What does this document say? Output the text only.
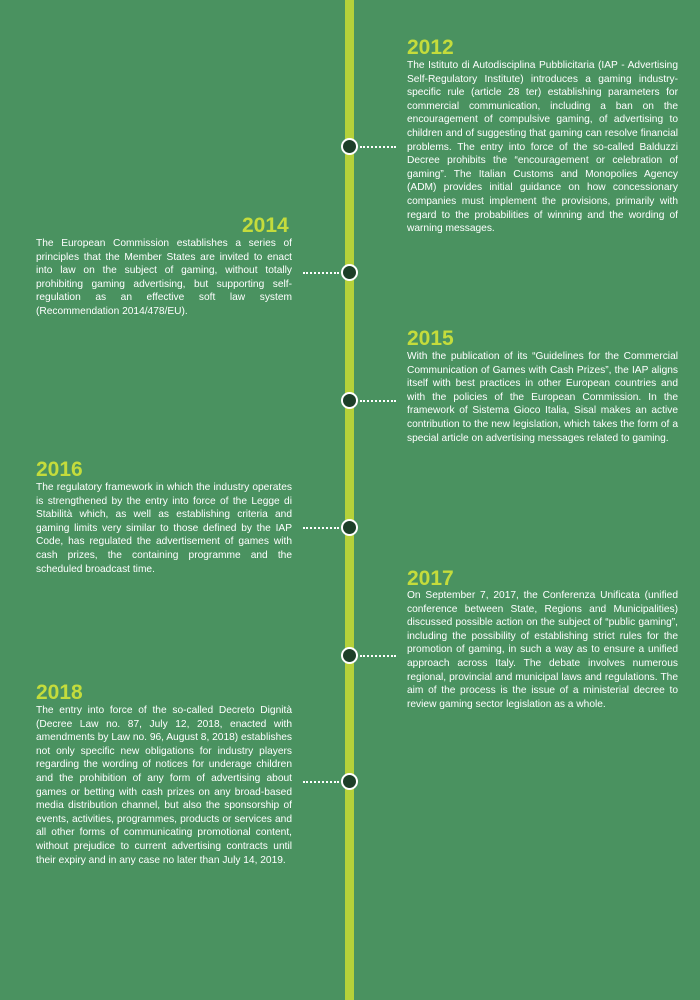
2012

The Istituto di Autodisciplina Pubblicitaria (IAP - Advertising Self-Regulatory Institute) introduces a gaming industry-specific rule (article 28 ter) establishing parameters for commercial communication, including a ban on the encouragement of compulsive gaming, of advertising to children and of suggesting that gaming can resolve financial problems. The entry into force of the so-called Balduzzi Decree prohibits the “encouragement or celebration of gaming”. The Italian Customs and Monopolies Agency (ADM) provides initial guidance on how concessionary companies must implement the provisions, primarily with regard to the probabilities of winning and the wording of warning messages.

2014

The European Commission establishes a series of principles that the Member States are invited to enact into law on the subject of gaming, without totally prohibiting gaming advertising, but supporting self-regulation as an effective soft law system (Recommendation 2014/478/EU).

2015

With the publication of its “Guidelines for the Commercial Communication of Games with Cash Prizes”, the IAP aligns itself with best practices in other European countries and with the policies of the European Commission. In the framework of Sistema Gioco Italia, Sisal makes an active contribution to the new legislation, which takes the form of a special article on advertising messages related to gaming.

2016

The regulatory framework in which the industry operates is strengthened by the entry into force of the Legge di Stabilità which, as well as establishing criteria and gaming limits very similar to those defined by the IAP Code, has regulated the advertisement of games with cash prizes, the containing programme and the scheduled broadcast time.	2017

On September 7, 2017, the Conferenza Unificata (unified conference between State, Regions and Municipalities) discussed possible action on the subject of “public gaming”, including the possibility of establishing strict rules for the promotion of gaming, in such a way as to ensure a unified approach across Italy. The debate involves numerous regional, provincial and municipal laws and regulations. The aim of the process is the issue of a ministerial decree to review gaming sector legislation as a whole.

2018

The entry into force of the so-called Decreto Dignità (Decree Law no. 87, July 12, 2018, enacted with amendments by Law no. 96, August 8, 2018) establishes not only specific new obligations for industry players regarding the wording of notices for underage children and the prohibition of any form of advertising about games or betting with cash prizes on any broad-based media distribution channel, but also the sponsorship of events, activities, programmes, products or services and all other forms of communicating promotional content, without prejudice to current advertising contracts until their expiry and in any case no later than July 14, 2019.
